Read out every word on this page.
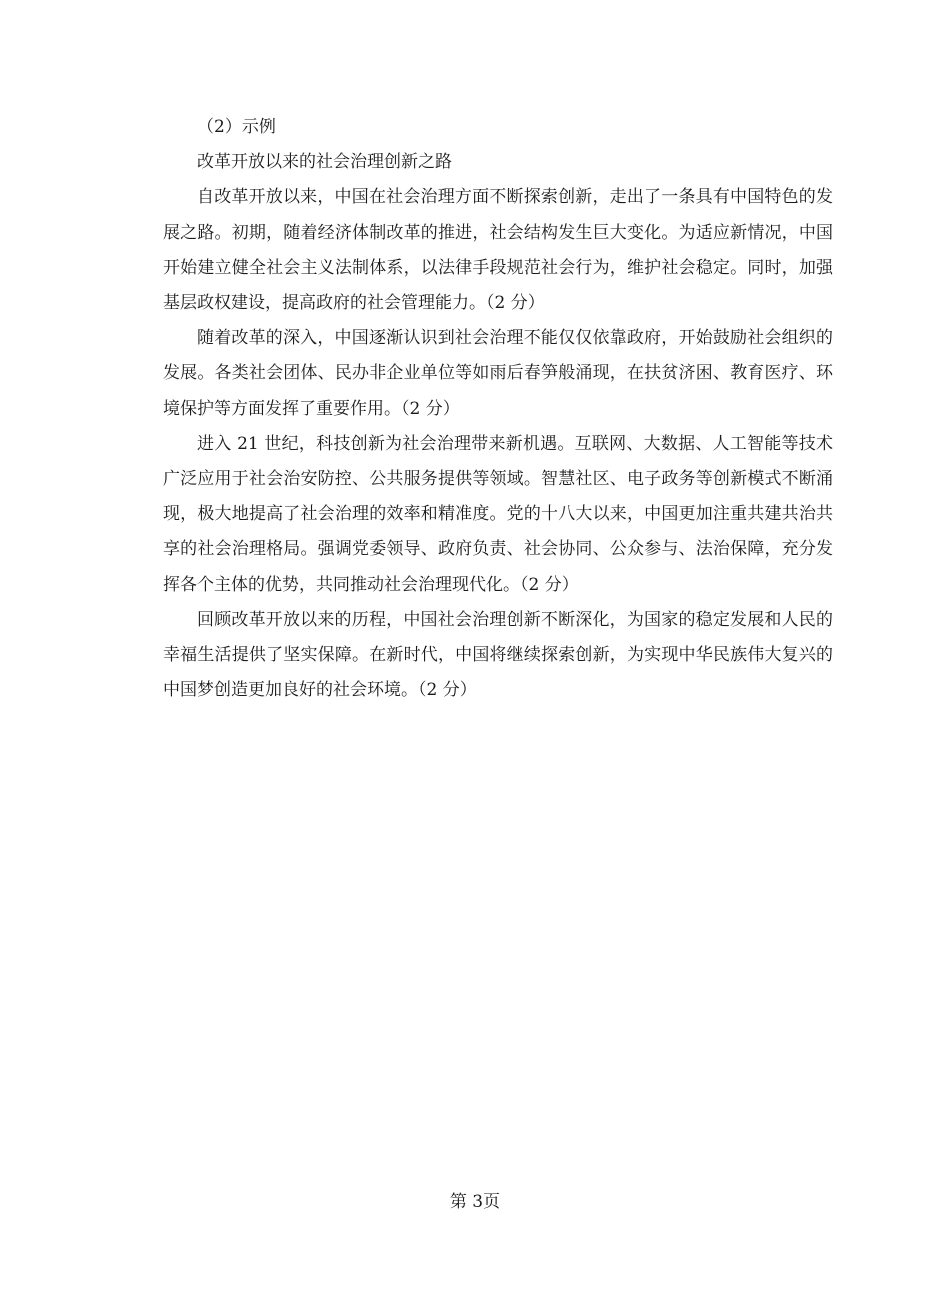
（2）示例

改革开放以来的社会治理创新之路

自改革开放以来，中国在社会治理方面不断探索创新，走出了一条具有中国特色的发展之路。初期，随着经济体制改革的推进，社会结构发生巨大变化。为适应新情况，中国开始建立健全社会主义法制体系，以法律手段规范社会行为，维护社会稳定。同时，加强基层政权建设，提高政府的社会管理能力。（2 分）

随着改革的深入，中国逐渐认识到社会治理不能仅仅依靠政府，开始鼓励社会组织的发展。各类社会团体、民办非企业单位等如雨后春笋般涌现，在扶贫济困、教育医疗、环境保护等方面发挥了重要作用。（2 分）

进入 21 世纪，科技创新为社会治理带来新机遇。互联网、大数据、人工智能等技术广泛应用于社会治安防控、公共服务提供等领域。智慧社区、电子政务等创新模式不断涌现，极大地提高了社会治理的效率和精准度。党的十八大以来，中国更加注重共建共治共享的社会治理格局。强调党委领导、政府负责、社会协同、公众参与、法治保障，充分发挥各个主体的优势，共同推动社会治理现代化。（2 分）

回顾改革开放以来的历程，中国社会治理创新不断深化，为国家的稳定发展和人民的幸福生活提供了坚实保障。在新时代，中国将继续探索创新，为实现中华民族伟大复兴的中国梦创造更加良好的社会环境。（2 分）

第 3页
